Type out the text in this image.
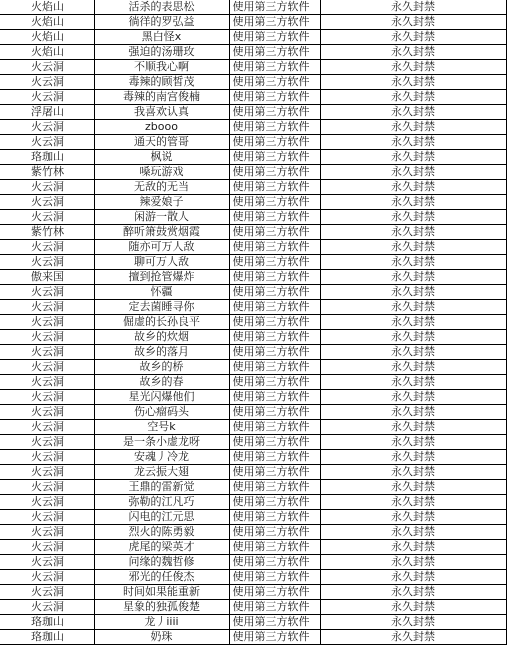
火焰山	活杀的表思松	使用第三方软件	永久封禁	
火焰山	徜徉的罗弘益	使用第三方软件	永久封禁	
火焰山	黑白怪x	使用第三方软件	永久封禁	
火焰山	强迫的汤珊玫	使用第三方软件	永久封禁	
火云洞	不顺我心啊	使用第三方软件	永久封禁	
火云洞	毒辣的顾皙茂	使用第三方软件	永久封禁	
火云洞	毒辣的南宫俊楠	使用第三方软件	永久封禁	
浮屠山	我喜欢认真	使用第三方软件	永久封禁	
火云洞	zbooo	使用第三方软件	永久封禁	
火云洞	通天的管哥	使用第三方软件	永久封禁	
珞珈山	枫说	使用第三方软件	永久封禁	
紫竹林	嗓玩游戏	使用第三方软件	永久封禁	
火云洞	无敌的无当	使用第三方软件	永久封禁	
火云洞	辣爱娘子	使用第三方软件	永久封禁	
火云洞	闲游一散人	使用第三方软件	永久封禁	
紫竹林	醉听箫鼓赏烟霞	使用第三方软件	永久封禁	
火云洞	随亦可万人敌	使用第三方软件	永久封禁	
火云洞	聊可万人敌	使用第三方软件	永久封禁	
傲来国	擅到抢管爆炸	使用第三方软件	永久封禁	
火云洞	怀疆	使用第三方软件	永久封禁	
火云洞	定去菌睡寻你	使用第三方软件	永久封禁	
火云洞	倔虚的长孙良平	使用第三方软件	永久封禁	
火云洞	故乡的炊烟	使用第三方软件	永久封禁	
火云洞	故乡的落月	使用第三方软件	永久封禁	
火云洞	故乡的桥	使用第三方软件	永久封禁	
火云洞	故乡的春	使用第三方软件	永久封禁	
火云洞	星光闪爆他们	使用第三方软件	永久封禁	
火云洞	伤心瘤码头	使用第三方软件	永久封禁	
火云洞	空号k	使用第三方软件	永久封禁	
火云洞	是一条小虚龙呀	使用第三方软件	永久封禁	
火云洞	安魂丿冷龙	使用第三方软件	永久封禁	
火云洞	龙云振大翅	使用第三方软件	永久封禁	
火云洞	王鼎的雷新觉	使用第三方软件	永久封禁	
火云洞	弥勒的江凡巧	使用第三方软件	永久封禁	
火云洞	闪电的江元思	使用第三方软件	永久封禁	
火云洞	烈火的陈勇毅	使用第三方软件	永久封禁	
火云洞	虎尾的梁英才	使用第三方软件	永久封禁	
火云洞	问缘的魏哲修	使用第三方软件	永久封禁	
火云洞	邪光的任俊杰	使用第三方软件	永久封禁	
火云洞	时间如果能重新	使用第三方软件	永久封禁	
火云洞	星象的独孤俊楚	使用第三方软件	永久封禁	
珞珈山	龙丿iiii	使用第三方软件	永久封禁	
珞珈山	奶珠	使用第三方软件	永久封禁	
